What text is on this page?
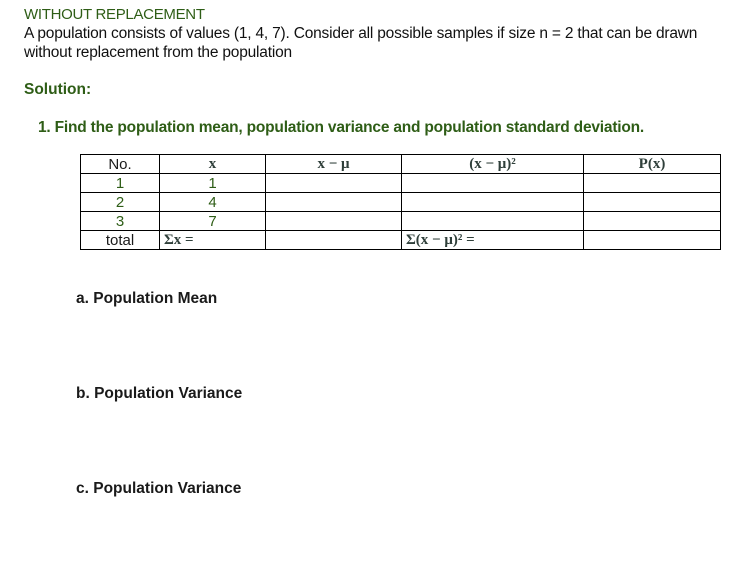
WITHOUT REPLACEMENT
A population consists of values (1, 4, 7). Consider all possible samples if size n = 2 that can be drawn without replacement from the population
Solution:
1. Find the population mean, population variance and population standard deviation.
No.	x	x − μ	(x − μ)²	P(x)
1	1			
2	4			
3	7			
total	Σx =		Σ(x − μ)² =	
a. Population Mean
b. Population Variance
c. Population Variance
